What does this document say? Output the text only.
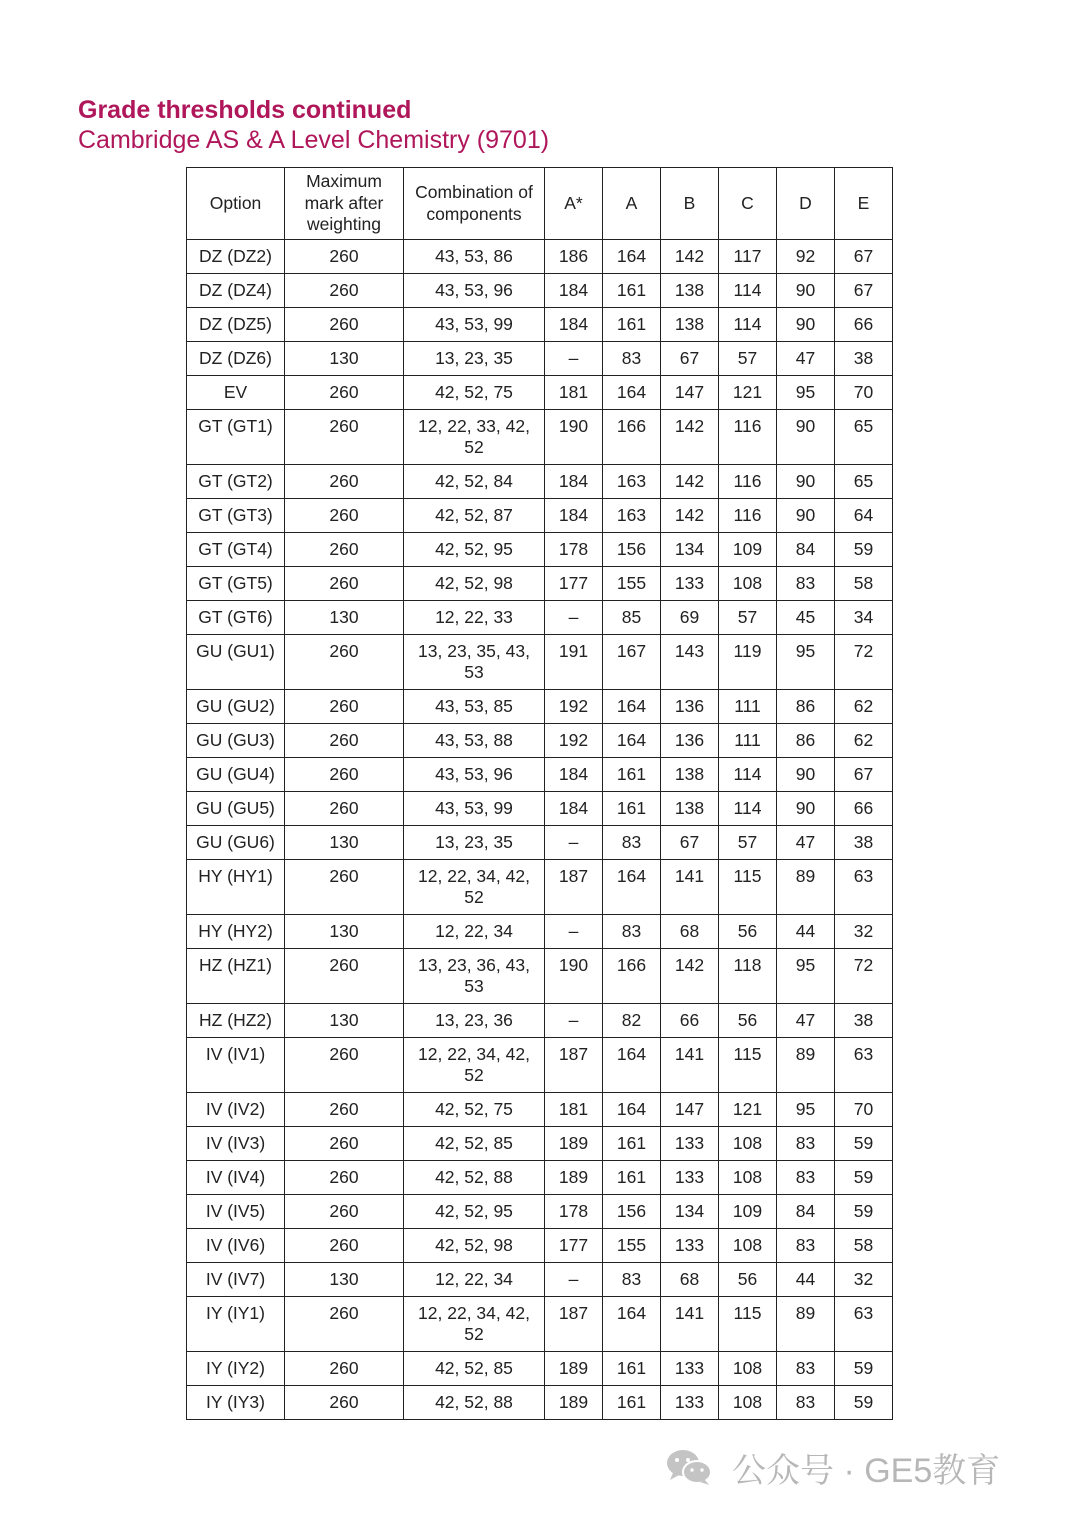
Grade thresholds continued
Cambridge AS & A Level Chemistry (9701)
Option	Maximum mark after weighting	Combination of components	A*	A	B	C	D	E
DZ (DZ2)	260	43, 53, 86	186	164	142	117	92	67
DZ (DZ4)	260	43, 53, 96	184	161	138	114	90	67
DZ (DZ5)	260	43, 53, 99	184	161	138	114	90	66
DZ (DZ6)	130	13, 23, 35	–	83	67	57	47	38
EV	260	42, 52, 75	181	164	147	121	95	70
GT (GT1)	260	12, 22, 33, 42, 52	190	166	142	116	90	65
GT (GT2)	260	42, 52, 84	184	163	142	116	90	65
GT (GT3)	260	42, 52, 87	184	163	142	116	90	64
GT (GT4)	260	42, 52, 95	178	156	134	109	84	59
GT (GT5)	260	42, 52, 98	177	155	133	108	83	58
GT (GT6)	130	12, 22, 33	–	85	69	57	45	34
GU (GU1)	260	13, 23, 35, 43, 53	191	167	143	119	95	72
GU (GU2)	260	43, 53, 85	192	164	136	111	86	62
GU (GU3)	260	43, 53, 88	192	164	136	111	86	62
GU (GU4)	260	43, 53, 96	184	161	138	114	90	67
GU (GU5)	260	43, 53, 99	184	161	138	114	90	66
GU (GU6)	130	13, 23, 35	–	83	67	57	47	38
HY (HY1)	260	12, 22, 34, 42, 52	187	164	141	115	89	63
HY (HY2)	130	12, 22, 34	–	83	68	56	44	32
HZ (HZ1)	260	13, 23, 36, 43, 53	190	166	142	118	95	72
HZ (HZ2)	130	13, 23, 36	–	82	66	56	47	38
IV (IV1)	260	12, 22, 34, 42, 52	187	164	141	115	89	63
IV (IV2)	260	42, 52, 75	181	164	147	121	95	70
IV (IV3)	260	42, 52, 85	189	161	133	108	83	59
IV (IV4)	260	42, 52, 88	189	161	133	108	83	59
IV (IV5)	260	42, 52, 95	178	156	134	109	84	59
IV (IV6)	260	42, 52, 98	177	155	133	108	83	58
IV (IV7)	130	12, 22, 34	–	83	68	56	44	32
IY (IY1)	260	12, 22, 34, 42, 52	187	164	141	115	89	63
IY (IY2)	260	42, 52, 85	189	161	133	108	83	59
IY (IY3)	260	42, 52, 88	189	161	133	108	83	59
公众号 · GE5教育
